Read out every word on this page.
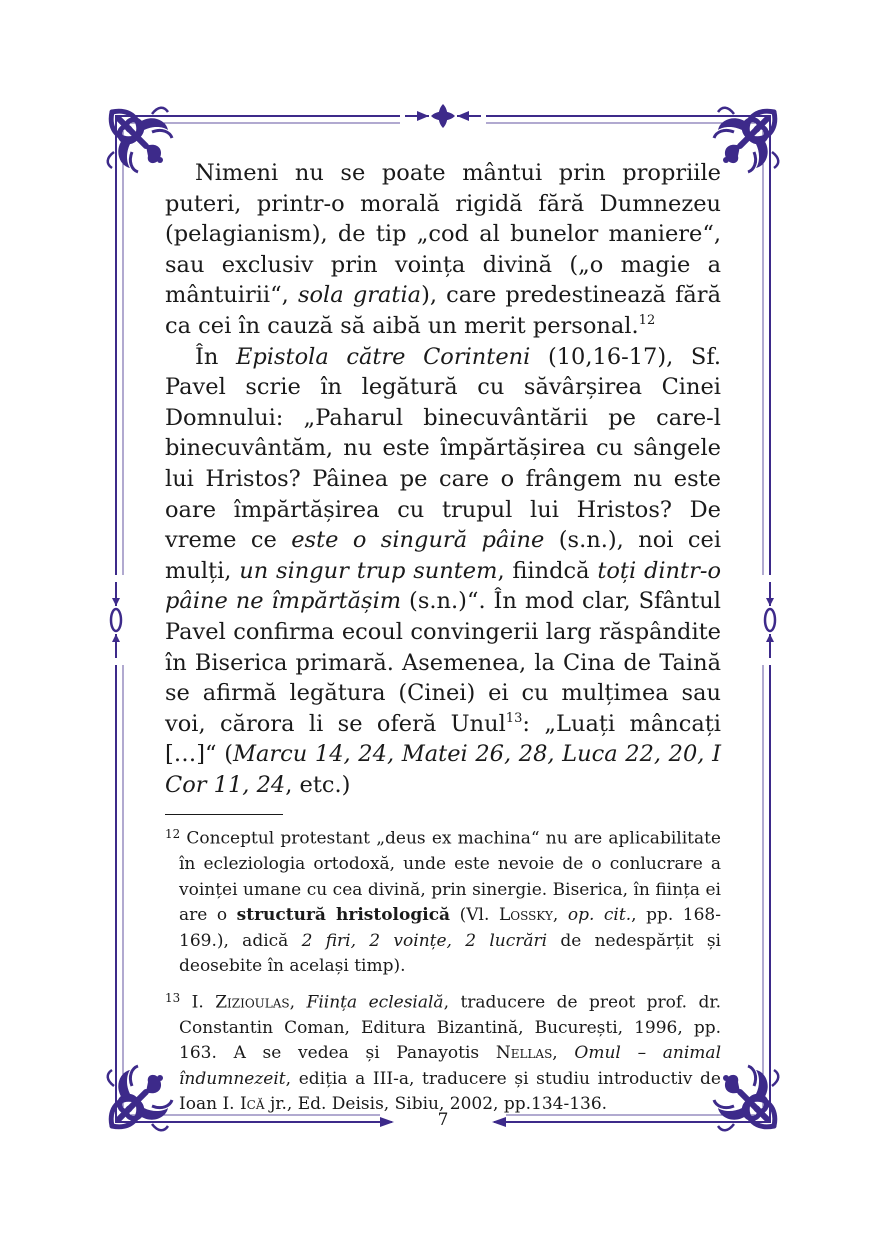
Nimeni nu se poate mântui prin propriile puteri, printr-o morală rigidă fără Dumnezeu (pelagianism), de tip „cod al bunelor maniere“, sau exclusiv prin voința divină („o magie a mântuirii“, sola gratia), care predestinează fără ca cei în cauză să aibă un merit personal.$^{12}$

În Epistola către Corinteni (10,16-17), Sf. Pavel scrie în legătură cu săvârșirea Cinei Domnului: „Paharul binecuvântării pe care-l binecuvântăm, nu este împărtășirea cu sângele lui Hristos? Pâinea pe care o frângem nu este oare împărtășirea cu trupul lui Hristos? De vreme ce este o singură pâine (s.n.), noi cei mulți, un singur trup suntem, fiindcă toți dintr-o pâine ne împărtășim (s.n.)“. În mod clar, Sfântul Pavel confirma ecoul convingerii larg răspândite în Biserica primară. Asemenea, la Cina de Taină se afirmă legătura (Cinei) ei cu mulțimea sau voi, cărora li se oferă Unul$^{13}$: „Luați mâncați […]“ (Marcu 14, 24, Matei 26, 28, Luca 22, 20, I Cor 11, 24, etc.)

$^{12}$ Conceptul protestant „deus ex machina“ nu are aplicabilitate în ecleziologia ortodoxă, unde este nevoie de o conlucrare a voinței umane cu cea divină, prin sinergie. Biserica, în ființa ei are o structură hristologică (Vl. Lossky, op. cit., pp. 168-169.), adică 2 firi, 2 voințe, 2 lucrări de nedespărțit și deosebite în același timp).

$^{13}$ I. Zizioulas, Ființa eclesială, traducere de preot prof. dr. Constantin Coman, Editura Bizantină, București, 1996, pp. 163. A se vedea și Panayotis Nellas, Omul – animal îndumnezeit, ediția a III-a, traducere și studiu introductiv de Ioan I. Ică jr., Ed. Deisis, Sibiu, 2002, pp.134-136.

7
